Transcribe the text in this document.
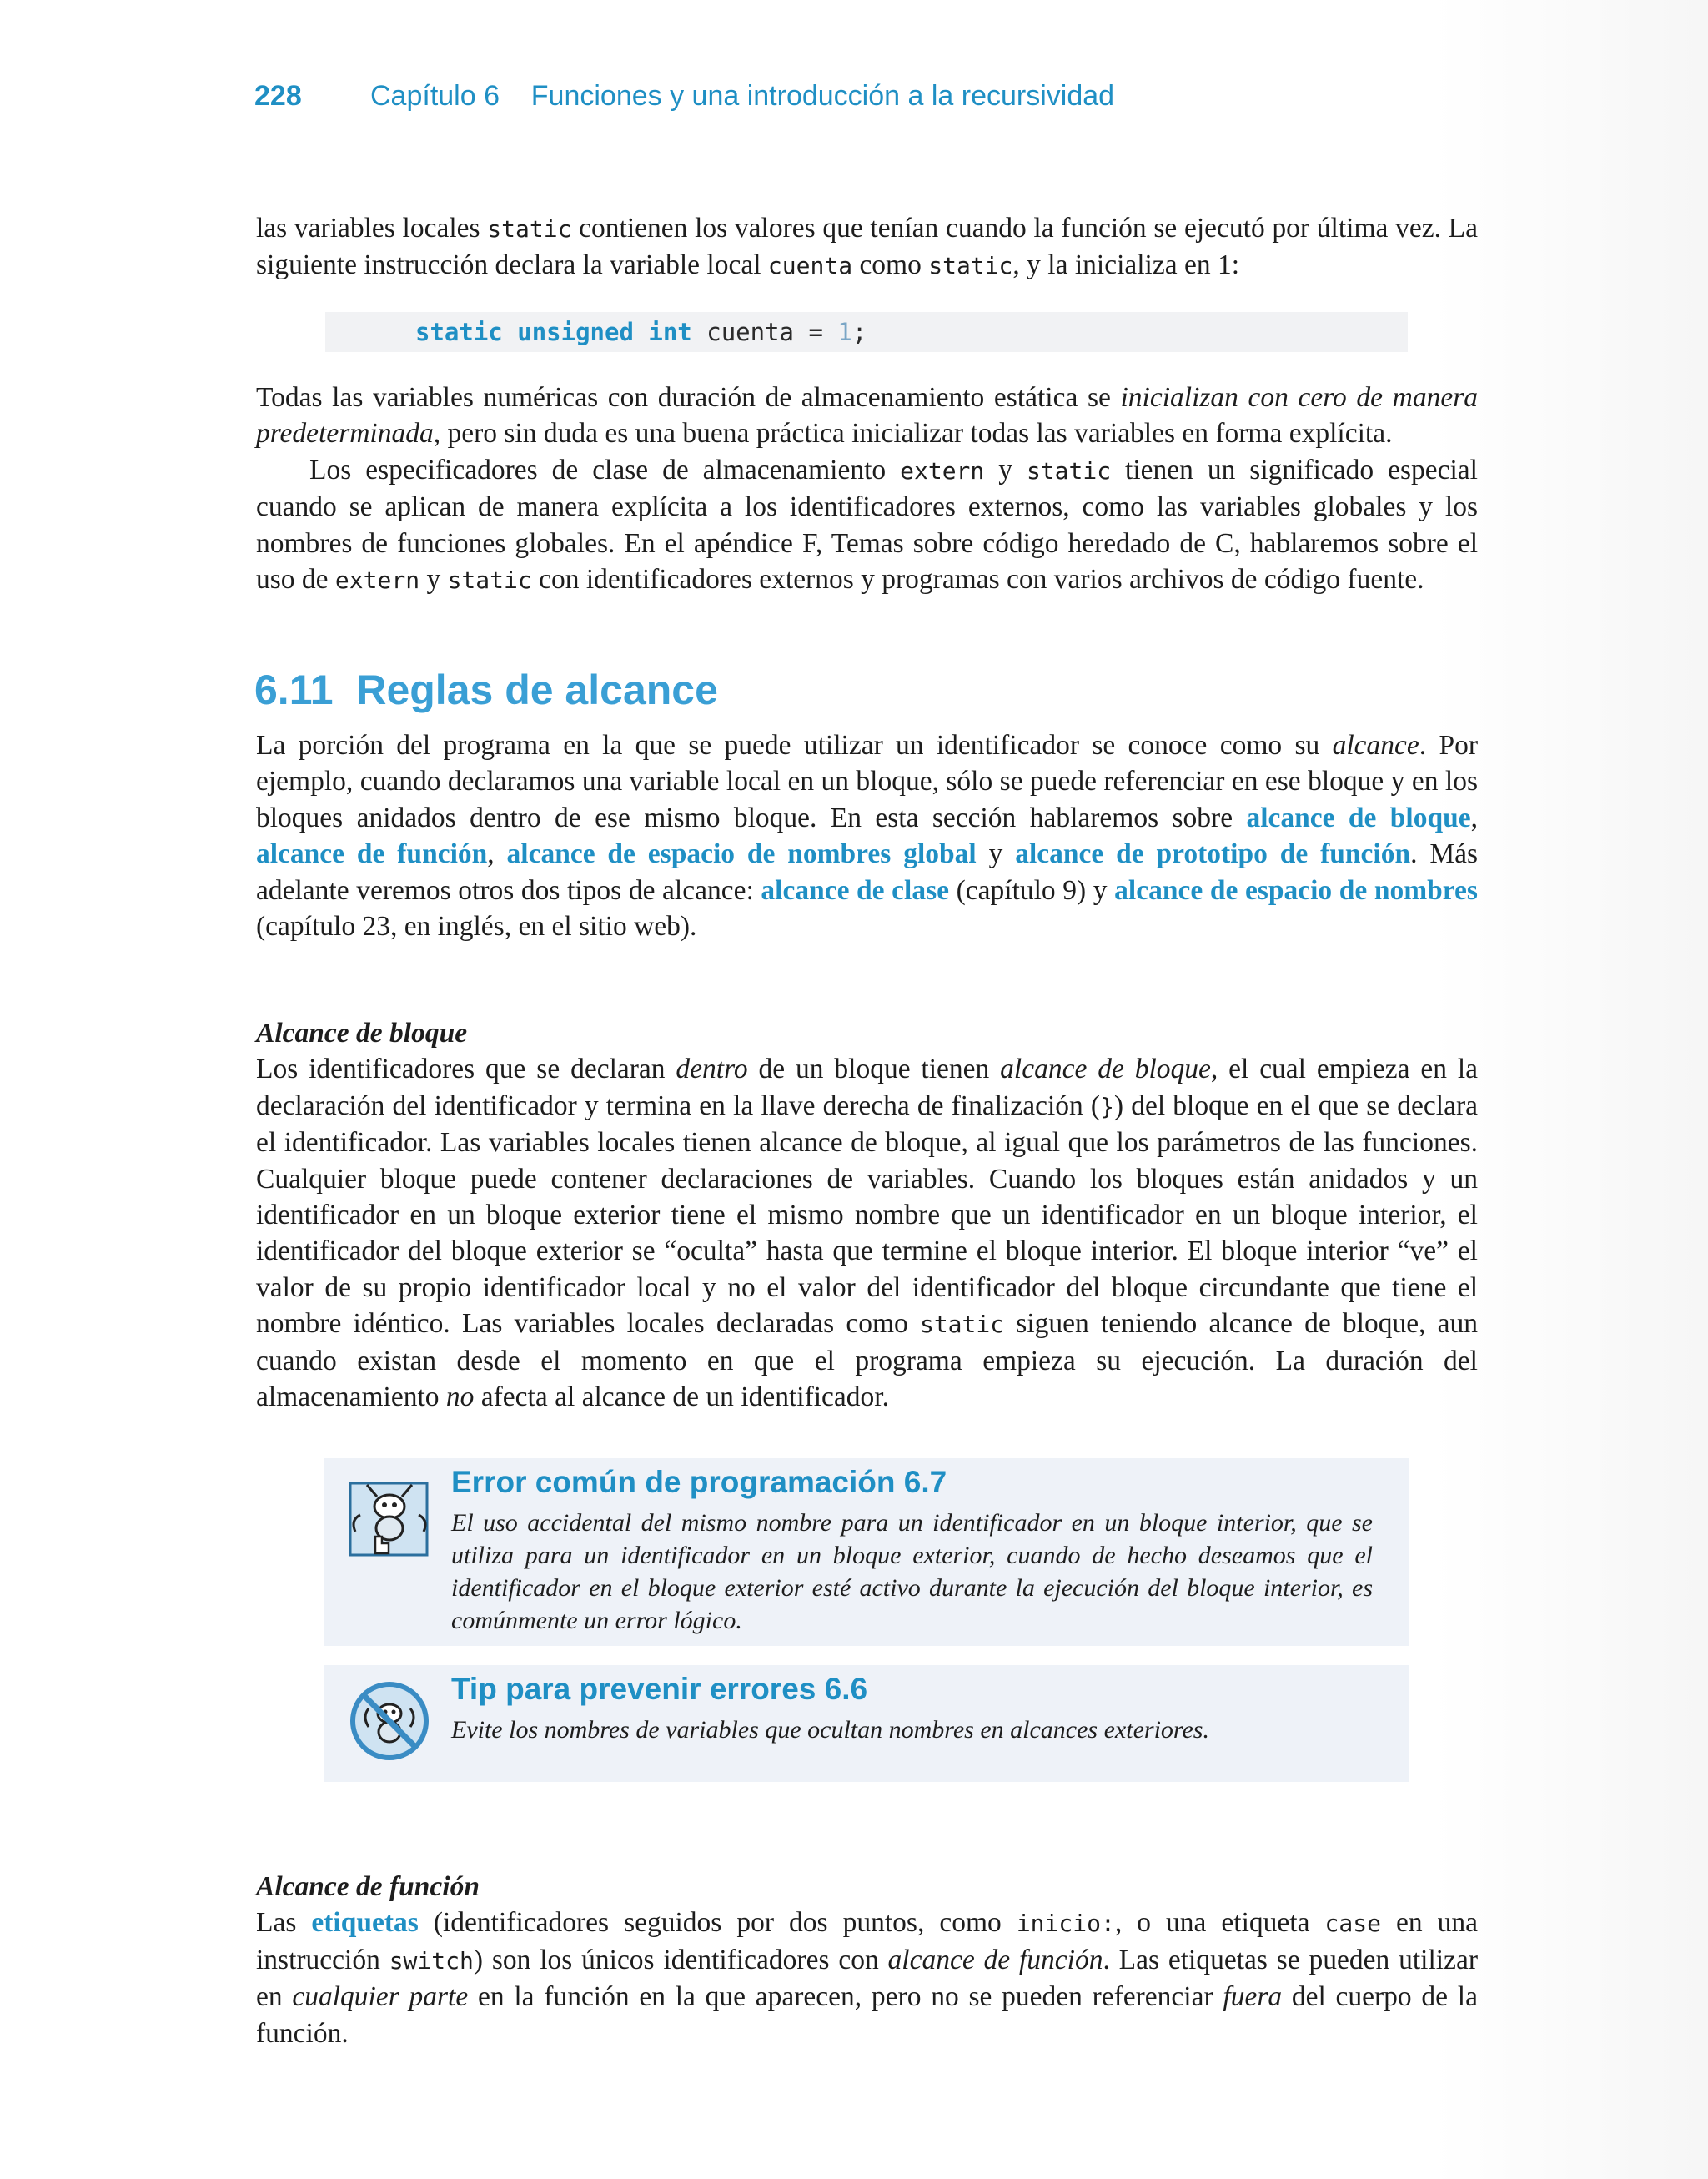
228 Capítulo 6    Funciones y una introducción a la recursividad

las variables locales static contienen los valores que tenían cuando la función se ejecutó por última vez. La siguiente instrucción declara la variable local cuenta como static, y la inicializa en 1:

static unsigned int cuenta = 1;

Todas las variables numéricas con duración de almacenamiento estática se inicializan con cero de manera predeterminada, pero sin duda es una buena práctica inicializar todas las variables en forma explícita.

Los especificadores de clase de almacenamiento extern y static tienen un significado especial cuando se aplican de manera explícita a los identificadores externos, como las variables globales y los nombres de funciones globales. En el apéndice F, Temas sobre código heredado de C, hablaremos sobre el uso de extern y static con identificadores externos y programas con varios archivos de código fuente.

6.11  Reglas de alcance

La porción del programa en la que se puede utilizar un identificador se conoce como su alcance. Por ejemplo, cuando declaramos una variable local en un bloque, sólo se puede referenciar en ese bloque y en los bloques anidados dentro de ese mismo bloque. En esta sección hablaremos sobre alcance de bloque, alcance de función, alcance de espacio de nombres global y alcance de prototipo de función. Más adelante veremos otros dos tipos de alcance: alcance de clase (capítulo 9) y alcance de espacio de nombres (capítulo 23, en inglés, en el sitio web).

Alcance de bloque

Los identificadores que se declaran dentro de un bloque tienen alcance de bloque, el cual empieza en la declaración del identificador y termina en la llave derecha de finalización (}) del bloque en el que se declara el identificador. Las variables locales tienen alcance de bloque, al igual que los parámetros de las funciones. Cualquier bloque puede contener declaraciones de variables. Cuando los bloques están anidados y un identificador en un bloque exterior tiene el mismo nombre que un identificador en un bloque interior, el identificador del bloque exterior se “oculta” hasta que termine el bloque interior. El bloque interior “ve” el valor de su propio identificador local y no el valor del identificador del bloque circundante que tiene el nombre idéntico. Las variables locales declaradas como static siguen teniendo alcance de bloque, aun cuando existan desde el momento en que el programa empieza su ejecución. La duración del almacenamiento no afecta al alcance de un identificador.

Error común de programación 6.7
El uso accidental del mismo nombre para un identificador en un bloque interior, que se utiliza para un identificador en un bloque exterior, cuando de hecho deseamos que el identificador en el bloque exterior esté activo durante la ejecución del bloque interior, es comúnmente un error lógico.
Tip para prevenir errores 6.6
Evite los nombres de variables que ocultan nombres en alcances exteriores.

Alcance de función

Las etiquetas (identificadores seguidos por dos puntos, como inicio:, o una etiqueta case en una instrucción switch) son los únicos identificadores con alcance de función. Las etiquetas se pueden utilizar en cualquier parte en la función en la que aparecen, pero no se pueden referenciar fuera del cuerpo de la función.
